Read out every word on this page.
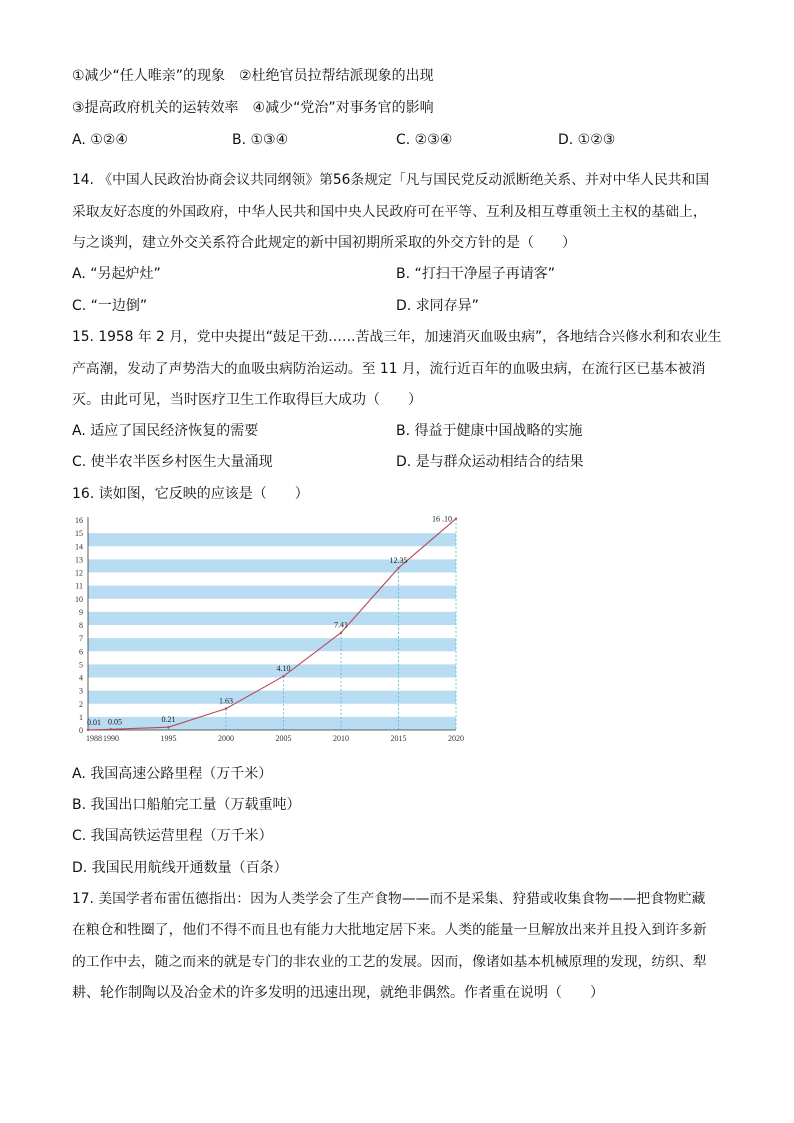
①减少“任人唯亲”的现象　②杜绝官员拉帮结派现象的出现
③提高政府机关的运转效率　④减少“党治”对事务官的影响
A. ①②④	B. ①③④	C. ②③④	D. ①②③
14. 《中国人民政治协商会议共同纲领》第56条规定「凡与国民党反动派断绝关系、并对中华人民共和国
采取友好态度的外国政府，中华人民共和国中央人民政府可在平等、互利及相互尊重领土主权的基础上，
与之谈判，建立外交关系符合此规定的新中国初期所采取的外交方针的是（　　）
A. “另起炉灶”	B. “打扫干净屋子再请客”
C. “一边倒”	D. 求同存异”
15. 1958 年 2 月，党中央提出“鼓足干劲……苦战三年，加速消灭血吸虫病”，各地结合兴修水利和农业生
产高潮，发动了声势浩大的血吸虫病防治运动。至 11 月，流行近百年的血吸虫病，在流行区已基本被消
灭。由此可见，当时医疗卫生工作取得巨大成功（　　）
A. 适应了国民经济恢复的需要	B. 得益于健康中国战略的实施
C. 使半农半医乡村医生大量涌现	D. 是与群众运动相结合的结果
16. 读如图，它反映的应该是（　　）
0
1
2
3
4
5
6
7
8
9
10
11
12
13
14
15
16
1988 1990	1995	2000	2005	2010	2015	2020
0.01 0.05	0.21
1.63
4.10
7.41
12.35
16 .10
A. 我国高速公路里程（万千米）
B. 我国出口船舶完工量（万载重吨）
C. 我国高铁运营里程（万千米）
D. 我国民用航线开通数量（百条）
17. 美国学者布雷伍德指出：因为人类学会了生产食物——而不是采集、狩猎或收集食物——把食物贮藏
在粮仓和牲圈了，他们不得不而且也有能力大批地定居下来。人类的能量一旦解放出来并且投入到许多新
的工作中去，随之而来的就是专门的非农业的工艺的发展。因而，像诸如基本机械原理的发现，纺织、犁
耕、轮作制陶以及冶金术的许多发明的迅速出现，就绝非偶然。作者重在说明（　　）
